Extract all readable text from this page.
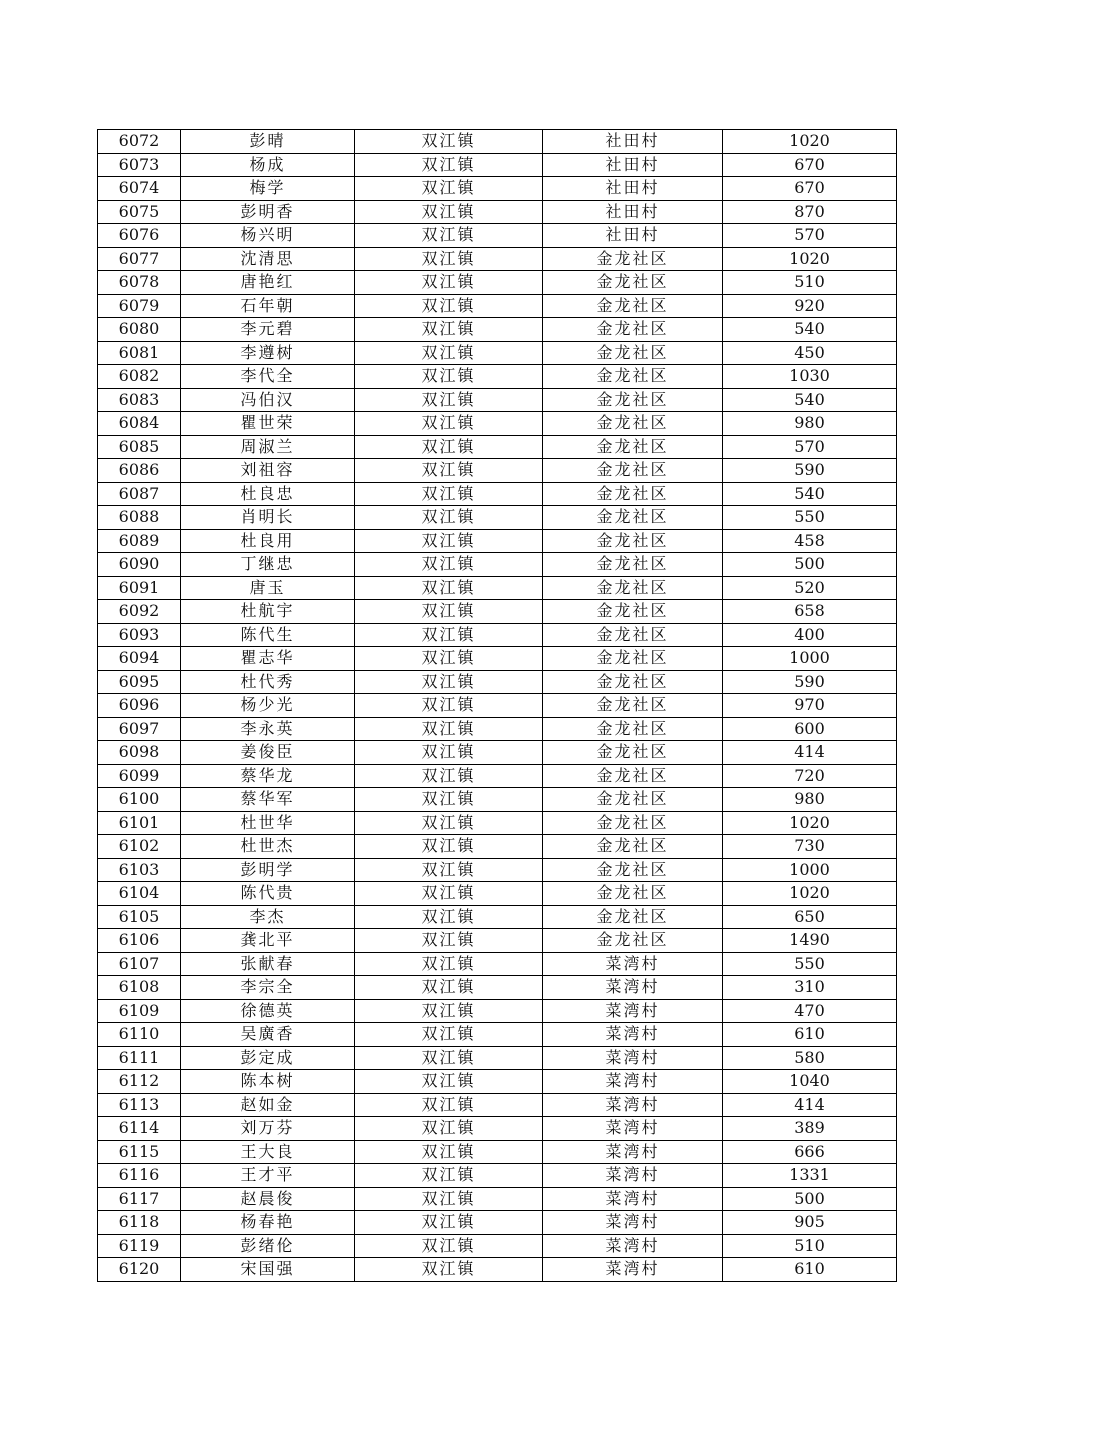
6072	彭晴	双江镇	社田村	1020
6073	杨成	双江镇	社田村	670
6074	梅学	双江镇	社田村	670
6075	彭明香	双江镇	社田村	870
6076	杨兴明	双江镇	社田村	570
6077	沈清思	双江镇	金龙社区	1020
6078	唐艳红	双江镇	金龙社区	510
6079	石年朝	双江镇	金龙社区	920
6080	李元碧	双江镇	金龙社区	540
6081	李遵树	双江镇	金龙社区	450
6082	李代全	双江镇	金龙社区	1030
6083	冯伯汉	双江镇	金龙社区	540
6084	瞿世荣	双江镇	金龙社区	980
6085	周淑兰	双江镇	金龙社区	570
6086	刘祖容	双江镇	金龙社区	590
6087	杜良忠	双江镇	金龙社区	540
6088	肖明长	双江镇	金龙社区	550
6089	杜良用	双江镇	金龙社区	458
6090	丁继忠	双江镇	金龙社区	500
6091	唐玉	双江镇	金龙社区	520
6092	杜航宇	双江镇	金龙社区	658
6093	陈代生	双江镇	金龙社区	400
6094	瞿志华	双江镇	金龙社区	1000
6095	杜代秀	双江镇	金龙社区	590
6096	杨少光	双江镇	金龙社区	970
6097	李永英	双江镇	金龙社区	600
6098	姜俊臣	双江镇	金龙社区	414
6099	蔡华龙	双江镇	金龙社区	720
6100	蔡华军	双江镇	金龙社区	980
6101	杜世华	双江镇	金龙社区	1020
6102	杜世杰	双江镇	金龙社区	730
6103	彭明学	双江镇	金龙社区	1000
6104	陈代贵	双江镇	金龙社区	1020
6105	李杰	双江镇	金龙社区	650
6106	龚北平	双江镇	金龙社区	1490
6107	张献春	双江镇	菜湾村	550
6108	李宗全	双江镇	菜湾村	310
6109	徐德英	双江镇	菜湾村	470
6110	吴廣香	双江镇	菜湾村	610
6111	彭定成	双江镇	菜湾村	580
6112	陈本树	双江镇	菜湾村	1040
6113	赵如金	双江镇	菜湾村	414
6114	刘万芬	双江镇	菜湾村	389
6115	王大良	双江镇	菜湾村	666
6116	王才平	双江镇	菜湾村	1331
6117	赵晨俊	双江镇	菜湾村	500
6118	杨春艳	双江镇	菜湾村	905
6119	彭绪伦	双江镇	菜湾村	510
6120	宋国强	双江镇	菜湾村	610
